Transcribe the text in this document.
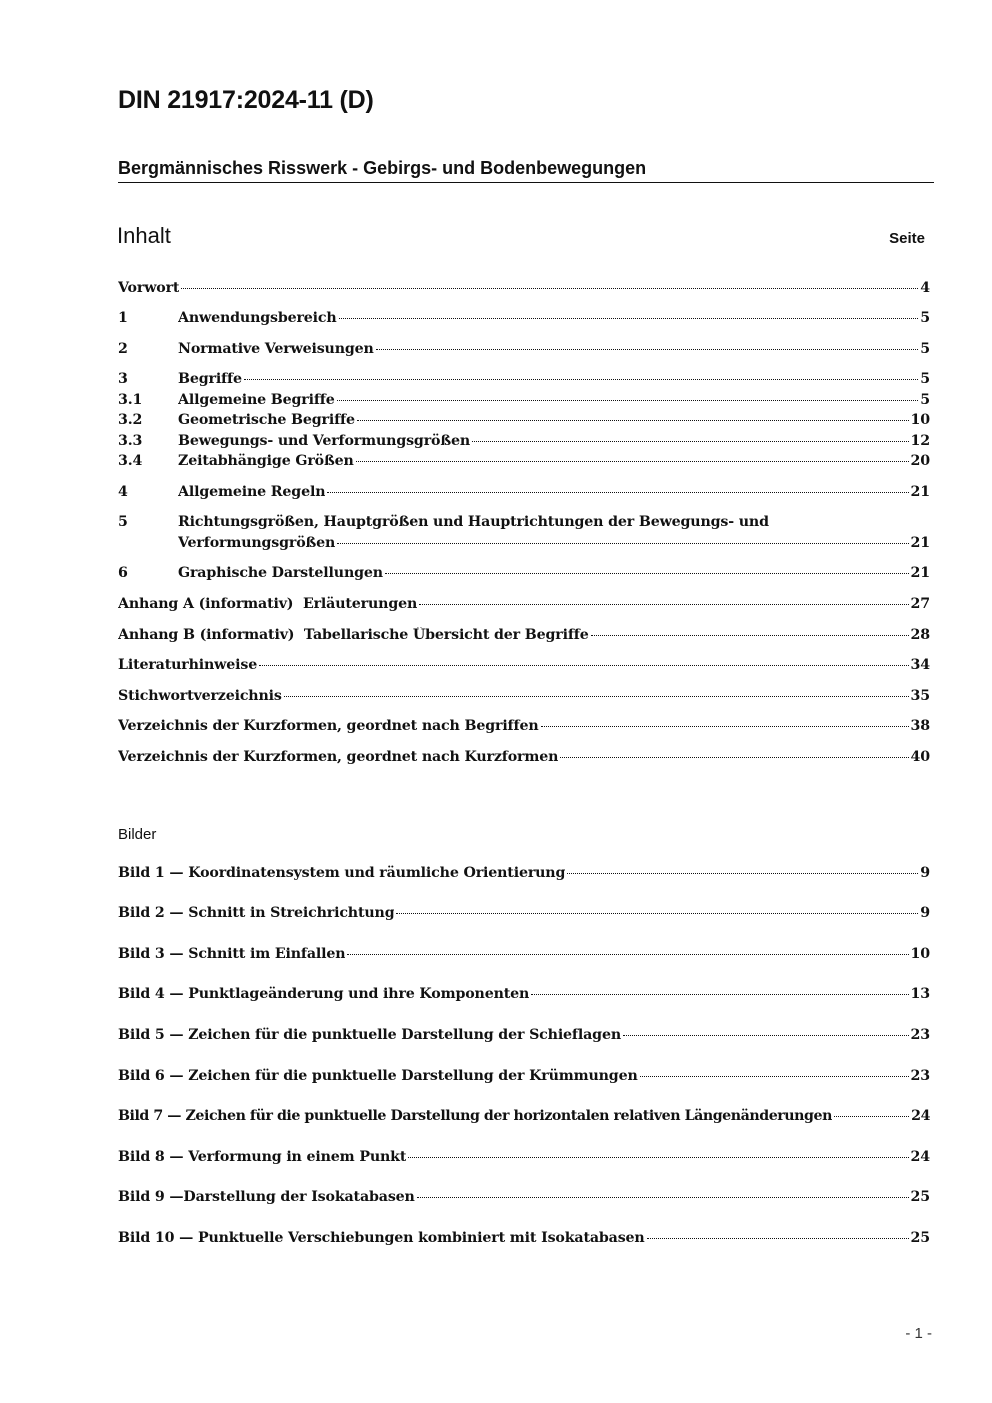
DIN 21917:2024-11 (D)
Bergmännisches Risswerk - Gebirgs- und Bodenbewegungen
Inhalt	Seite
Vorwort	4
1	Anwendungsbereich	5
2	Normative Verweisungen	5
3	Begriffe	5
3.1	Allgemeine Begriffe	5
3.2	Geometrische Begriffe	10
3.3	Bewegungs- und Verformungsgrößen	12
3.4	Zeitabhängige Größen	20
4	Allgemeine Regeln	21
5	Richtungsgrößen, Hauptgrößen und Hauptrichtungen der Bewegungs- und
Verformungsgrößen	21
6	Graphische Darstellungen	21
Anhang A (informativ)  Erläuterungen	27
Anhang B (informativ)  Tabellarische Übersicht der Begriffe	28
Literaturhinweise	34
Stichwortverzeichnis	35
Verzeichnis der Kurzformen, geordnet nach Begriffen	38
Verzeichnis der Kurzformen, geordnet nach Kurzformen	40
Bilder
Bild 1 — Koordinatensystem und räumliche Orientierung	9
Bild 2 — Schnitt in Streichrichtung	9
Bild 3 — Schnitt im Einfallen	10
Bild 4 — Punktlageänderung und ihre Komponenten	13
Bild 5 — Zeichen für die punktuelle Darstellung der Schieflagen	23
Bild 6 — Zeichen für die punktuelle Darstellung der Krümmungen	23
Bild 7 — Zeichen für die punktuelle Darstellung der horizontalen relativen Längenänderungen	24
Bild 8 — Verformung in einem Punkt	24
Bild 9 —Darstellung der Isokatabasen	25
Bild 10 — Punktuelle Verschiebungen kombiniert mit Isokatabasen	25
- 1 -
